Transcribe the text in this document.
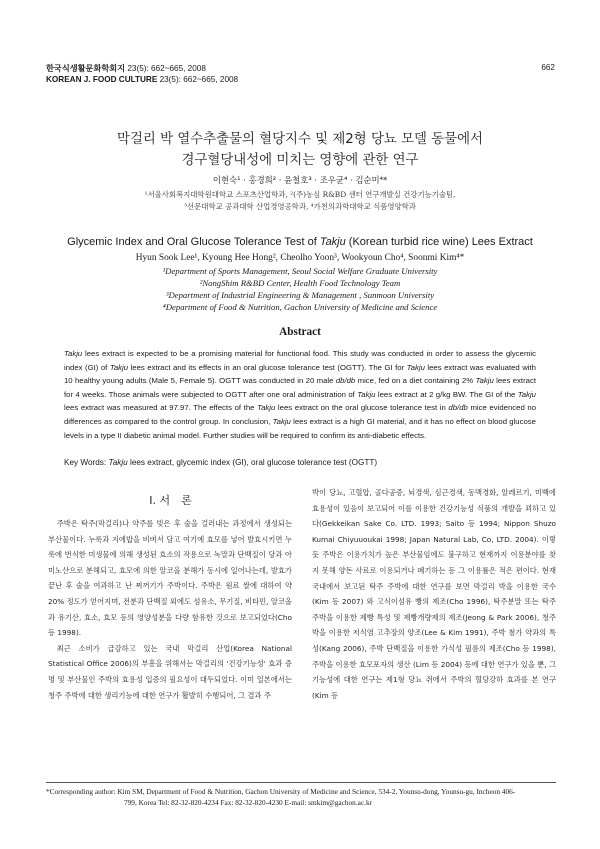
한국식생활문화학회지 23(5): 662~665, 2008
KOREAN J. FOOD CULTURE 23(5): 662~665, 2008
662
막걸리 박 열수추출물의 혈당지수 및 제2형 당뇨 모델 동물에서
경구혈당내성에 미치는 영향에 관한 연구
이현숙¹ · 홍경희² · 윤철호³ · 조우균⁴ · 김순미⁴*
¹서울사회복지대학원대학교 스포츠산업학과, ²(주)농심 R&BD 센터 연구개발실 건강기능기술팀,
³선문대학교 공과대학 산업경영공학과, ⁴가천의과학대학교 식품영양학과
Glycemic Index and Oral Glucose Tolerance Test of Takju (Korean turbid rice wine) Lees Extract
Hyun Sook Lee¹, Kyoung Hee Hong², Cheolho Yoon³, Wookyoun Cho⁴, Soonmi Kim⁴*
¹Department of Sports Management, Seoul Social Welfare Graduate University
²NongShim R&BD Center, Health Food Technology Team
³Department of Industrial Engineering & Management , Sunmoon University
⁴Department of Food & Nutrition, Gachon University of Medicine and Science
Abstract
Takju lees extract is expected to be a promising material for functional food. This study was conducted in order to assess the glycemic index (GI) of Takju lees extract and its effects in an oral glucose tolerance test (OGTT). The GI for Takju lees extract was evaluated with 10 healthy young adults (Male 5, Female 5). OGTT was conducted in 20 male db/db mice, fed on a diet containing 2% Takju lees extract for 4 weeks. Those animals were subjected to OGTT after one oral administration of Takju lees extract at 2 g/kg BW. The GI of the Takju lees extract was measured at 97.97. The effects of the Takju lees extract on the oral glucose tolerance test in db/db mice evidenced no differences as compared to the control group. In conclusion, Takju lees extract is a high GI material, and it has no effect on blood glucose levels in a type II diabetic animal model. Further studies will be required to confirm its anti-diabetic effects.
Key Words: Takju lees extract, glycemic index (GI), oral glucose tolerance test (OGTT)
Ⅰ. 서　론
주박은 탁주(막걸리)나 약주를 빚은 후 술을 걸러내는 과정에서 생성되는 부산물이다. 누룩과 지에밥을 비벼서 담고 여기에 효모를 넣어 발효시키면 누룩에 번식한 미생물에 의해 생성된 효소의 작용으로 녹말과 단백질이 당과 아미노산으로 분해되고, 효모에 의한 알코올 분해가 동시에 일어나는데, 발효가 끝난 후 술을 여과하고 난 찌꺼기가 주박이다. 주박은 원료 쌀에 대하여 약 20% 정도가 얻어지며, 전분과 단백질 외에도 섬유소, 무기질, 비타민, 알코올과 유기산, 효소, 효모 등의 영양성분을 다량 함유한 것으로 보고되었다(Cho 등 1998).
최근 소비가 급감하고 있는 국내 막걸리 산업(Korea National Statistical Office 2006)의 부흥을 위해서는 막걸리의 '건강기능성' 효과 증명 및 부산물인 주박의 효용성 입증의 필요성이 대두되었다. 이미 일본에서는 청주 주박에 대한 생리기능에 대한 연구가 활발히 수행되어, 그 결과 주
박이 당뇨, 고혈압, 골다공증, 뇌경색, 심근경색, 동맥경화, 알레르기, 미백에 효용성이 있음이 보고되어 이를 이용한 건강기능성 식품의 개발을 꾀하고 있다(Gekkeikan Sake Co. LTD. 1993; Saito 등 1994; Nippon Shuzo Kumai Chiyuuoukai 1998; Japan Natural Lab, Co, LTD. 2004). 이렇듯 주박은 이용가치가 높은 부산물임에도 불구하고 현재까지 이용분야를 찾지 못해 양돈 사료로 이용되거나 폐기하는 등 그 이용률은 적은 편이다. 현재 국내에서 보고된 탁주 주박에 대한 연구를 보면 막걸리 박을 이용한 국수(Kim 등 2007) 와 고식이섬유 빵의 제조(Cho 1996), 탁주분말 또는 탁주 주박을 이용한 제빵 특성 및 제빵개량제의 제조(Jeong & Park 2006), 청주 박을 이용한 저식염 고추장의 양조(Lee & Kim 1991), 주박 첨가 약과의 특성(Kang 2006), 주박 단백질을 이용한 가식성 필름의 제조(Cho 등 1998), 주박을 이용한 효모포자의 생산 (Lim 등 2004) 등에 대한 연구가 있을 뿐, 그 기능성에 대한 연구는 제1형 당뇨 쥐에서 주박의 혈당강하 효과를 본 연구(Kim 등
*Corresponding author: Kim SM, Department of Food & Nutrition, Gachon University of Medicine and Science, 534-2, Younsu-dong, Younsu-gu, Incheon 406-
799, Korea Tel: 82-32-820-4234 Fax: 82-32-820-4230 E-mail: smkim@gachon.ac.kr
